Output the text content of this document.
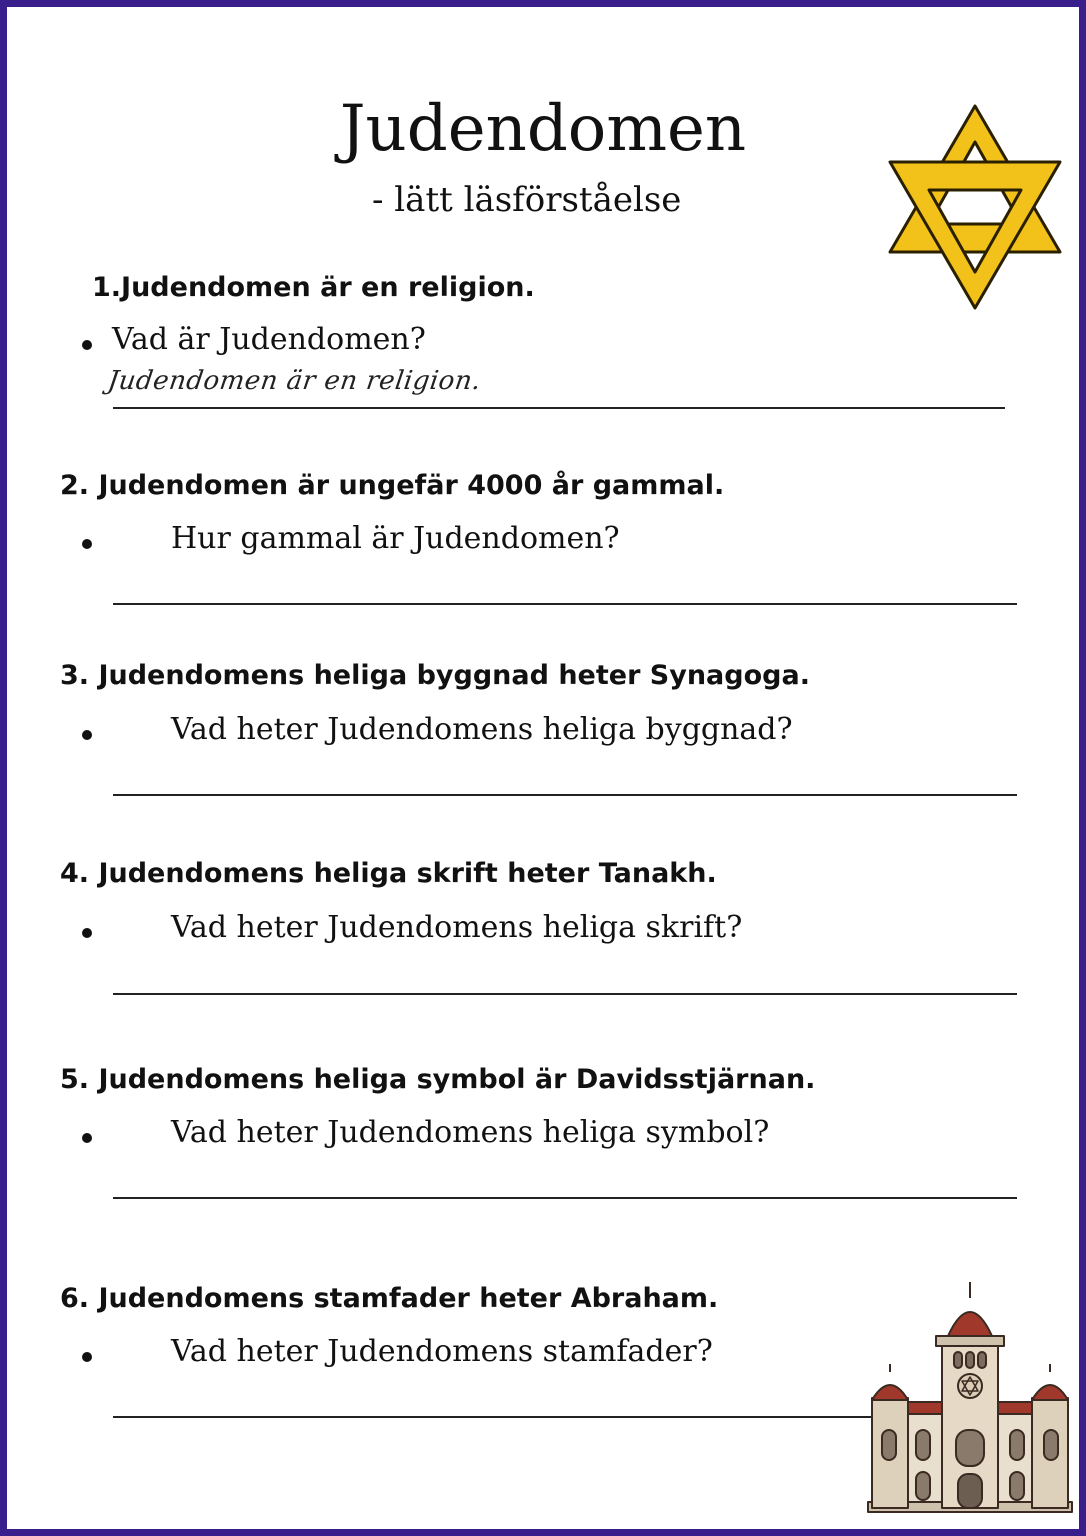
Judendomen
- lätt läsförståelse
1.Judendomen är en religion.
Vad är Judendomen?
Judendomen är en religion.
2. Judendomen är ungefär 4000 år gammal.
Hur gammal är Judendomen?
3. Judendomens heliga byggnad heter Synagoga.
Vad heter Judendomens heliga byggnad?
4. Judendomens heliga skrift heter Tanakh.
Vad heter Judendomens heliga skrift?
5. Judendomens heliga symbol är Davidsstjärnan.
Vad heter Judendomens heliga symbol?
6. Judendomens stamfader heter Abraham.
Vad heter Judendomens stamfader?
